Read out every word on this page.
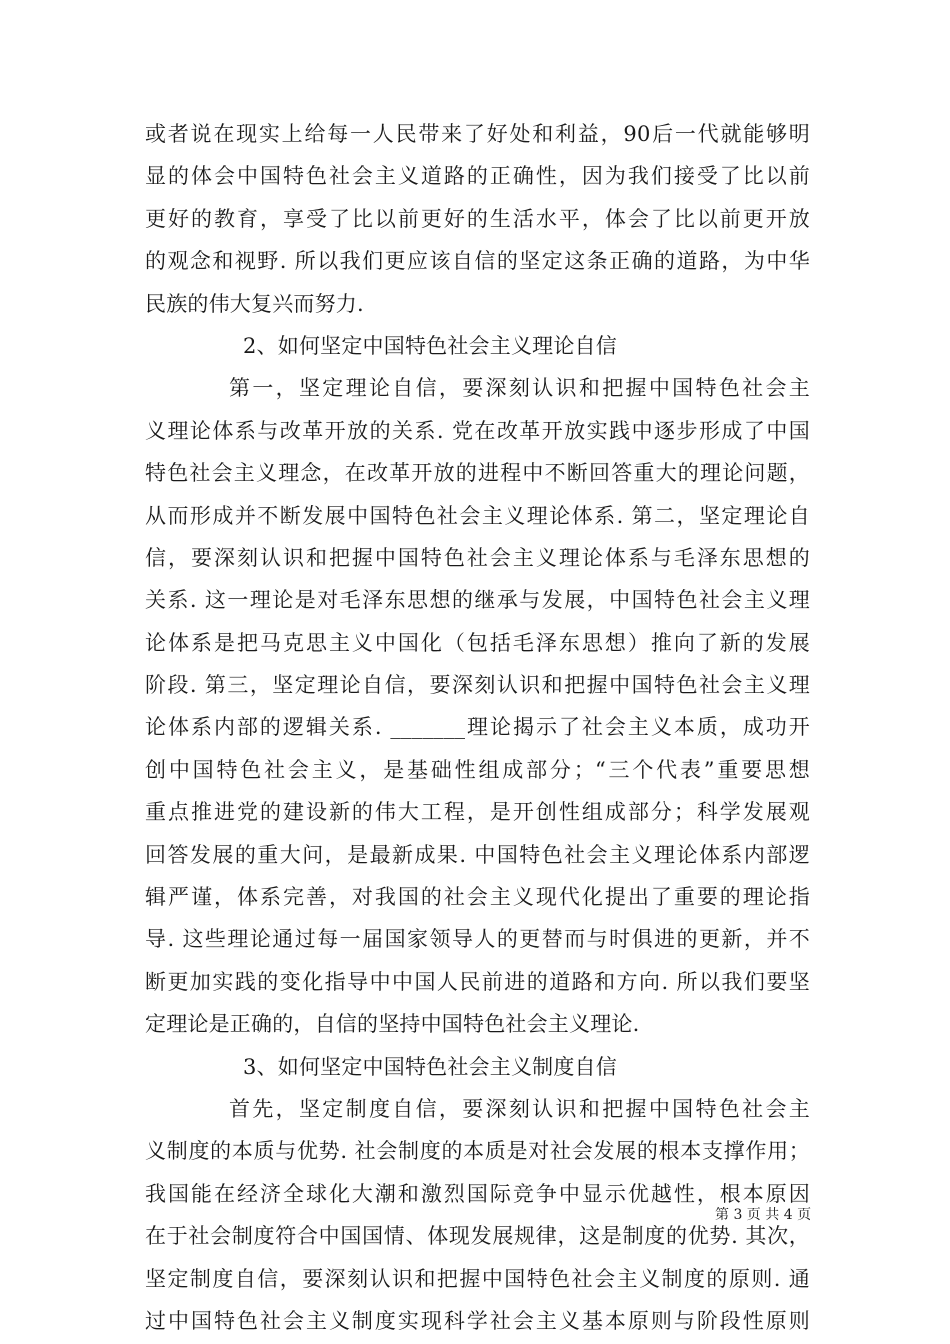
或者说在现实上给每一人民带来了好处和利益，90后一代就能够明
显的体会中国特色社会主义道路的正确性，因为我们接受了比以前
更好的教育，享受了比以前更好的生活水平，体会了比以前更开放
的观念和视野. 所以我们更应该自信的坚定这条正确的道路，为中华
民族的伟大复兴而努力.
2、如何坚定中国特色社会主义理论自信
第一，坚定理论自信，要深刻认识和把握中国特色社会主
义理论体系与改革开放的关系. 党在改革开放实践中逐步形成了中国
特色社会主义理念，在改革开放的进程中不断回答重大的理论问题，
从而形成并不断发展中国特色社会主义理论体系. 第二，坚定理论自
信，要深刻认识和把握中国特色社会主义理论体系与毛泽东思想的
关系. 这一理论是对毛泽东思想的继承与发展，中国特色社会主义理
论体系是把马克思主义中国化（包括毛泽东思想）推向了新的发展
阶段. 第三，坚定理论自信，要深刻认识和把握中国特色社会主义理
论体系内部的逻辑关系. _______理论揭示了社会主义本质，成功开
创中国特色社会主义，是基础性组成部分；“三个代表”重要思想
重点推进党的建设新的伟大工程，是开创性组成部分；科学发展观
回答发展的重大问，是最新成果. 中国特色社会主义理论体系内部逻
辑严谨，体系完善，对我国的社会主义现代化提出了重要的理论指
导. 这些理论通过每一届国家领导人的更替而与时俱进的更新，并不
断更加实践的变化指导中中国人民前进的道路和方向. 所以我们要坚
定理论是正确的，自信的坚持中国特色社会主义理论.
3、如何坚定中国特色社会主义制度自信
首先，坚定制度自信，要深刻认识和把握中国特色社会主
义制度的本质与优势. 社会制度的本质是对社会发展的根本支撑作用；
我国能在经济全球化大潮和激烈国际竞争中显示优越性，根本原因
在于社会制度符合中国国情、体现发展规律，这是制度的优势. 其次，
坚定制度自信，要深刻认识和把握中国特色社会主义制度的原则. 通
过中国特色社会主义制度实现科学社会主义基本原则与阶段性原则
第 3 页 共 4 页
